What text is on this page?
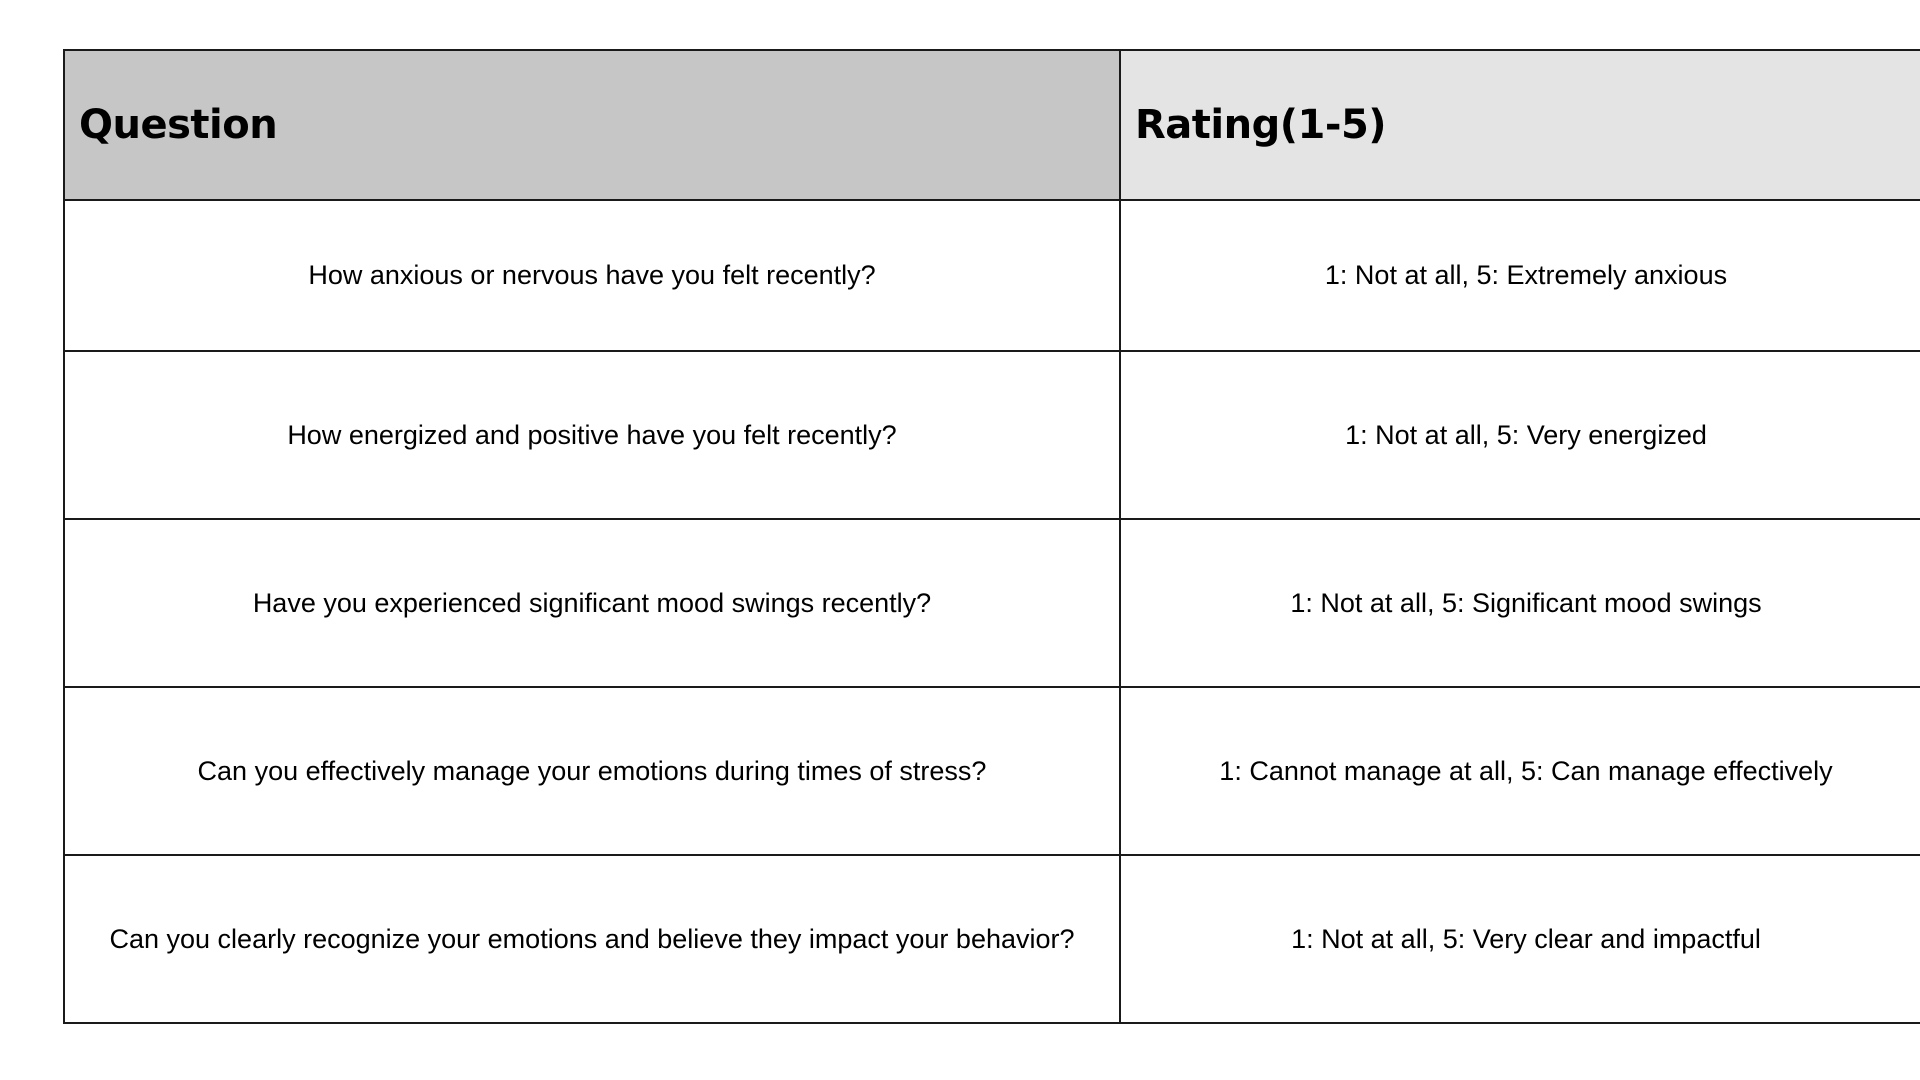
Question	Rating(1-5)
How anxious or nervous have you felt recently?	1: Not at all, 5: Extremely anxious
How energized and positive have you felt recently?	1: Not at all, 5: Very energized
Have you experienced significant mood swings recently?	1: Not at all, 5: Significant mood swings
Can you effectively manage your emotions during times of stress?	1: Cannot manage at all, 5: Can manage effectively
Can you clearly recognize your emotions and believe they impact your behavior?	1: Not at all, 5: Very clear and impactful
